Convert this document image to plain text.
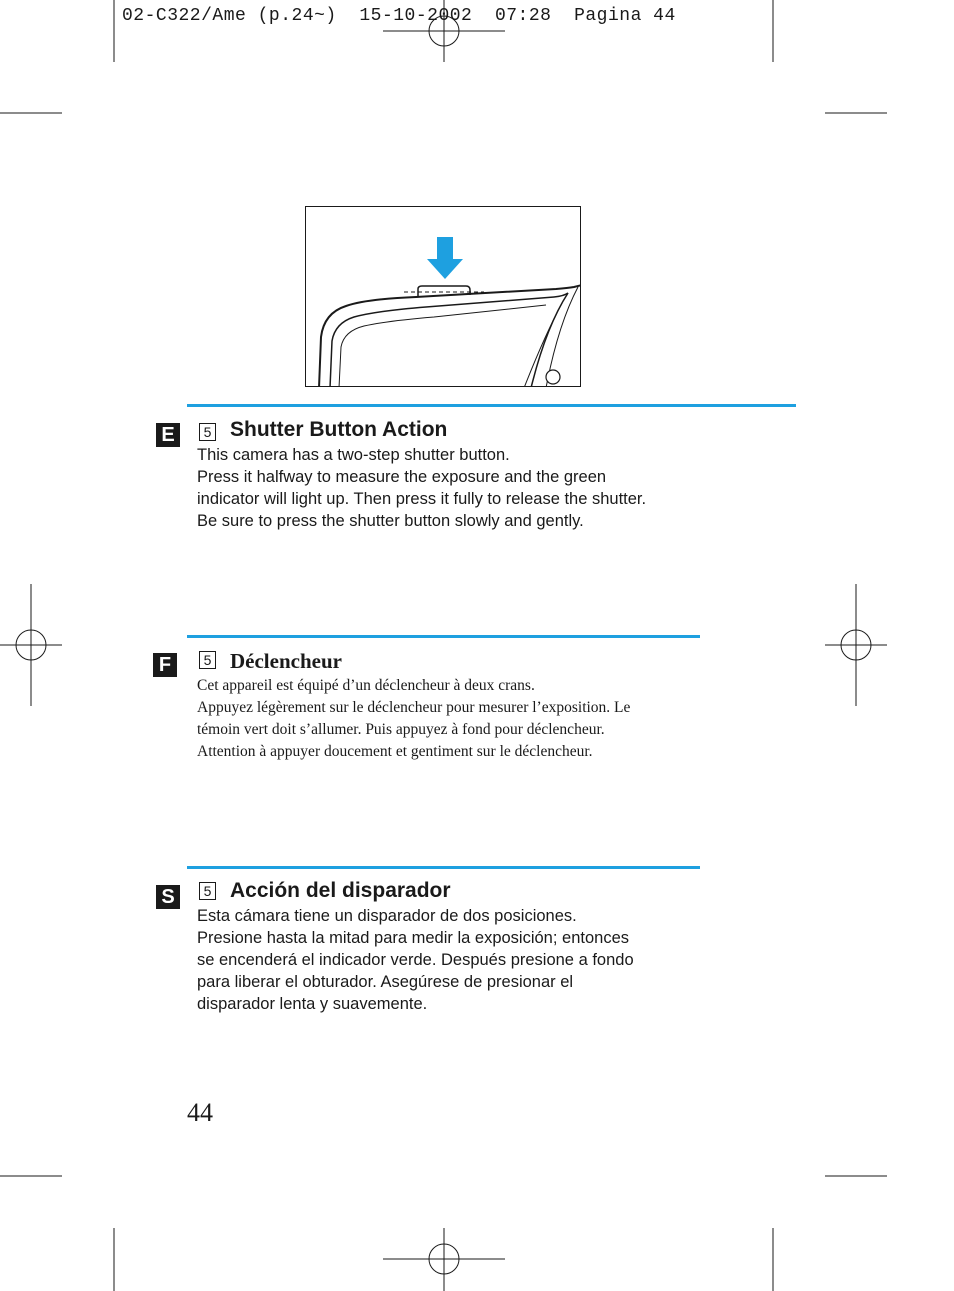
02-C322/Ame (p.24~)  15-10-2002  07:28  Pagina 44
E	5 Shutter Button Action
This camera has a two-step shutter button.
Press it halfway to measure the exposure and the green
indicator will light up. Then press it fully to release the shutter.
Be sure to press the shutter button slowly and gently.
F	5 Déclencheur
Cet appareil est équipé d’un déclencheur à deux crans.
Appuyez légèrement sur le déclencheur pour mesurer l’exposition. Le
témoin vert doit s’allumer. Puis appuyez à fond pour déclencheur.
Attention à appuyer doucement et gentiment sur le déclencheur.
S	5 Acción del disparador
Esta cámara tiene un disparador de dos posiciones.
Presione hasta la mitad para medir la exposición; entonces
se encenderá el indicador verde. Después presione a fondo
para liberar el obturador. Asegúrese de presionar el
disparador lenta y suavemente.
44
